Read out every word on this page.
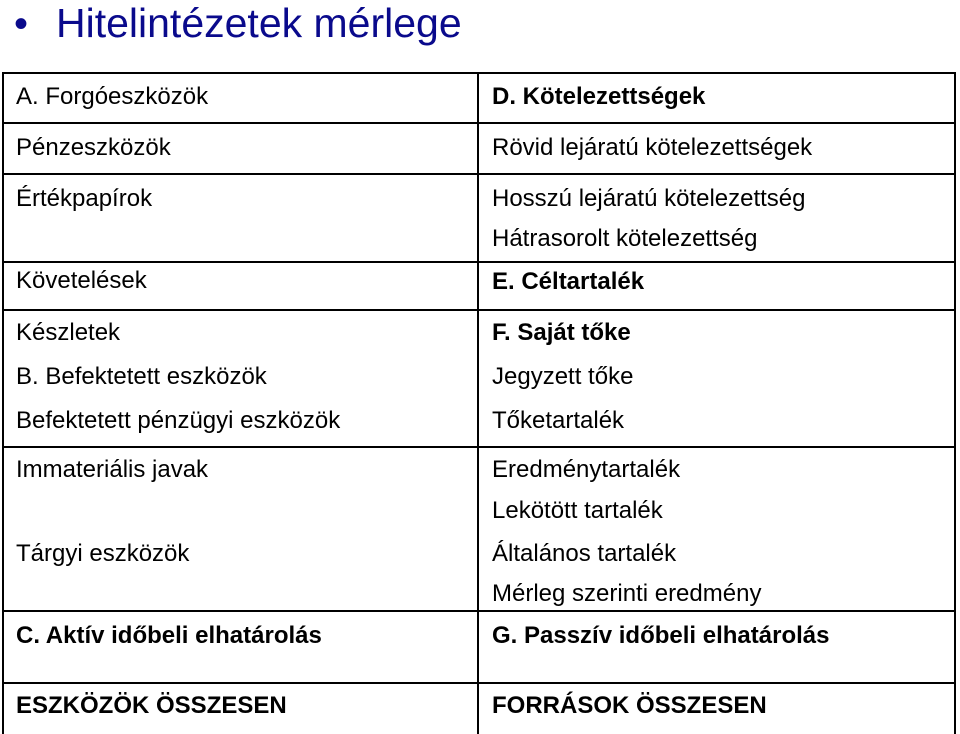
• Hitelintézetek mérlege
A. Forgóeszközök
Pénzeszközök
Értékpapírok
Követelések
Készletek
B. Befektetett eszközök
Befektetett pénzügyi eszközök
Immateriális javak
Tárgyi eszközök
C. Aktív időbeli elhatárolás
ESZKÖZÖK ÖSSZESEN
D. Kötelezettségek
Rövid lejáratú kötelezettségek
Hosszú lejáratú kötelezettség
Hátrasorolt kötelezettség
E. Céltartalék
F. Saját tőke
Jegyzett tőke
Tőketartalék
Eredménytartalék
Lekötött tartalék
Általános tartalék
Mérleg szerinti eredmény
G. Passzív időbeli elhatárolás
FORRÁSOK ÖSSZESEN
